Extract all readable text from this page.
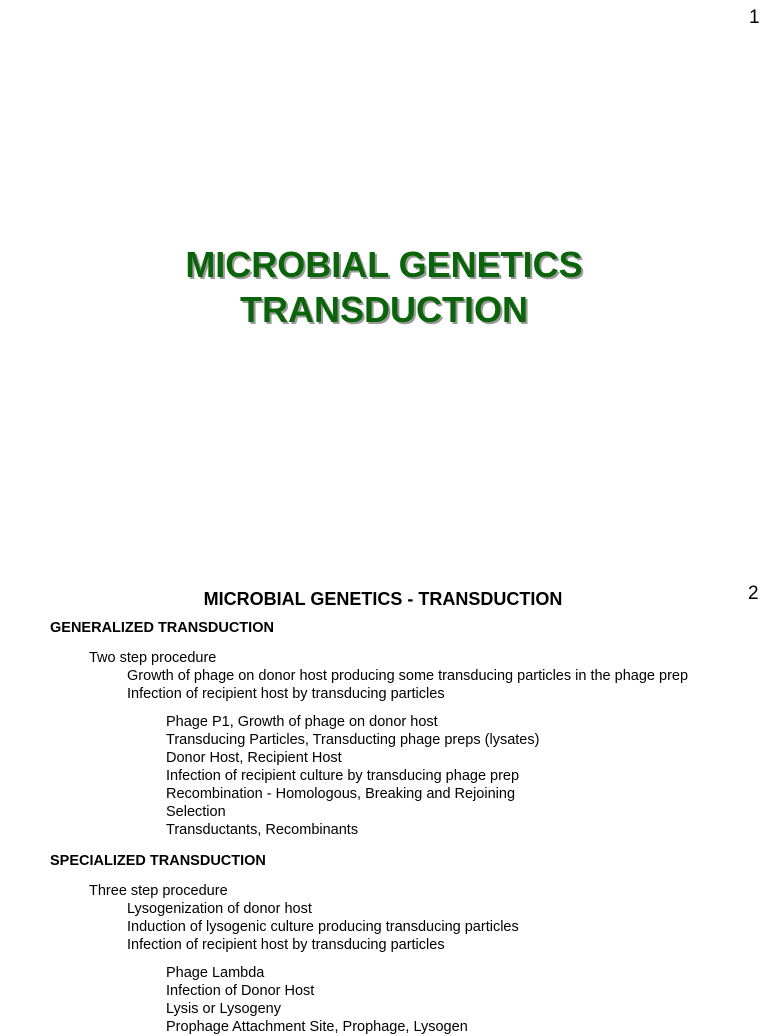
1
MICROBIAL GENETICS
TRANSDUCTION
2
MICROBIAL GENETICS - TRANSDUCTION
GENERALIZED TRANSDUCTION
Two step procedure
Growth of phage on donor host producing some transducing particles in the phage prep
Infection of recipient host by transducing particles
Phage P1, Growth of phage on donor host
Transducing Particles, Transducting phage preps (lysates)
Donor Host, Recipient Host
Infection of recipient culture by transducing phage prep
Recombination - Homologous, Breaking and Rejoining
Selection
Transductants, Recombinants
SPECIALIZED TRANSDUCTION
Three step procedure
Lysogenization of donor host
Induction of lysogenic culture producing transducing particles
Infection of recipient host by transducing particles
Phage Lambda
Infection of Donor Host
Lysis or Lysogeny
Prophage Attachment Site, Prophage, Lysogen
